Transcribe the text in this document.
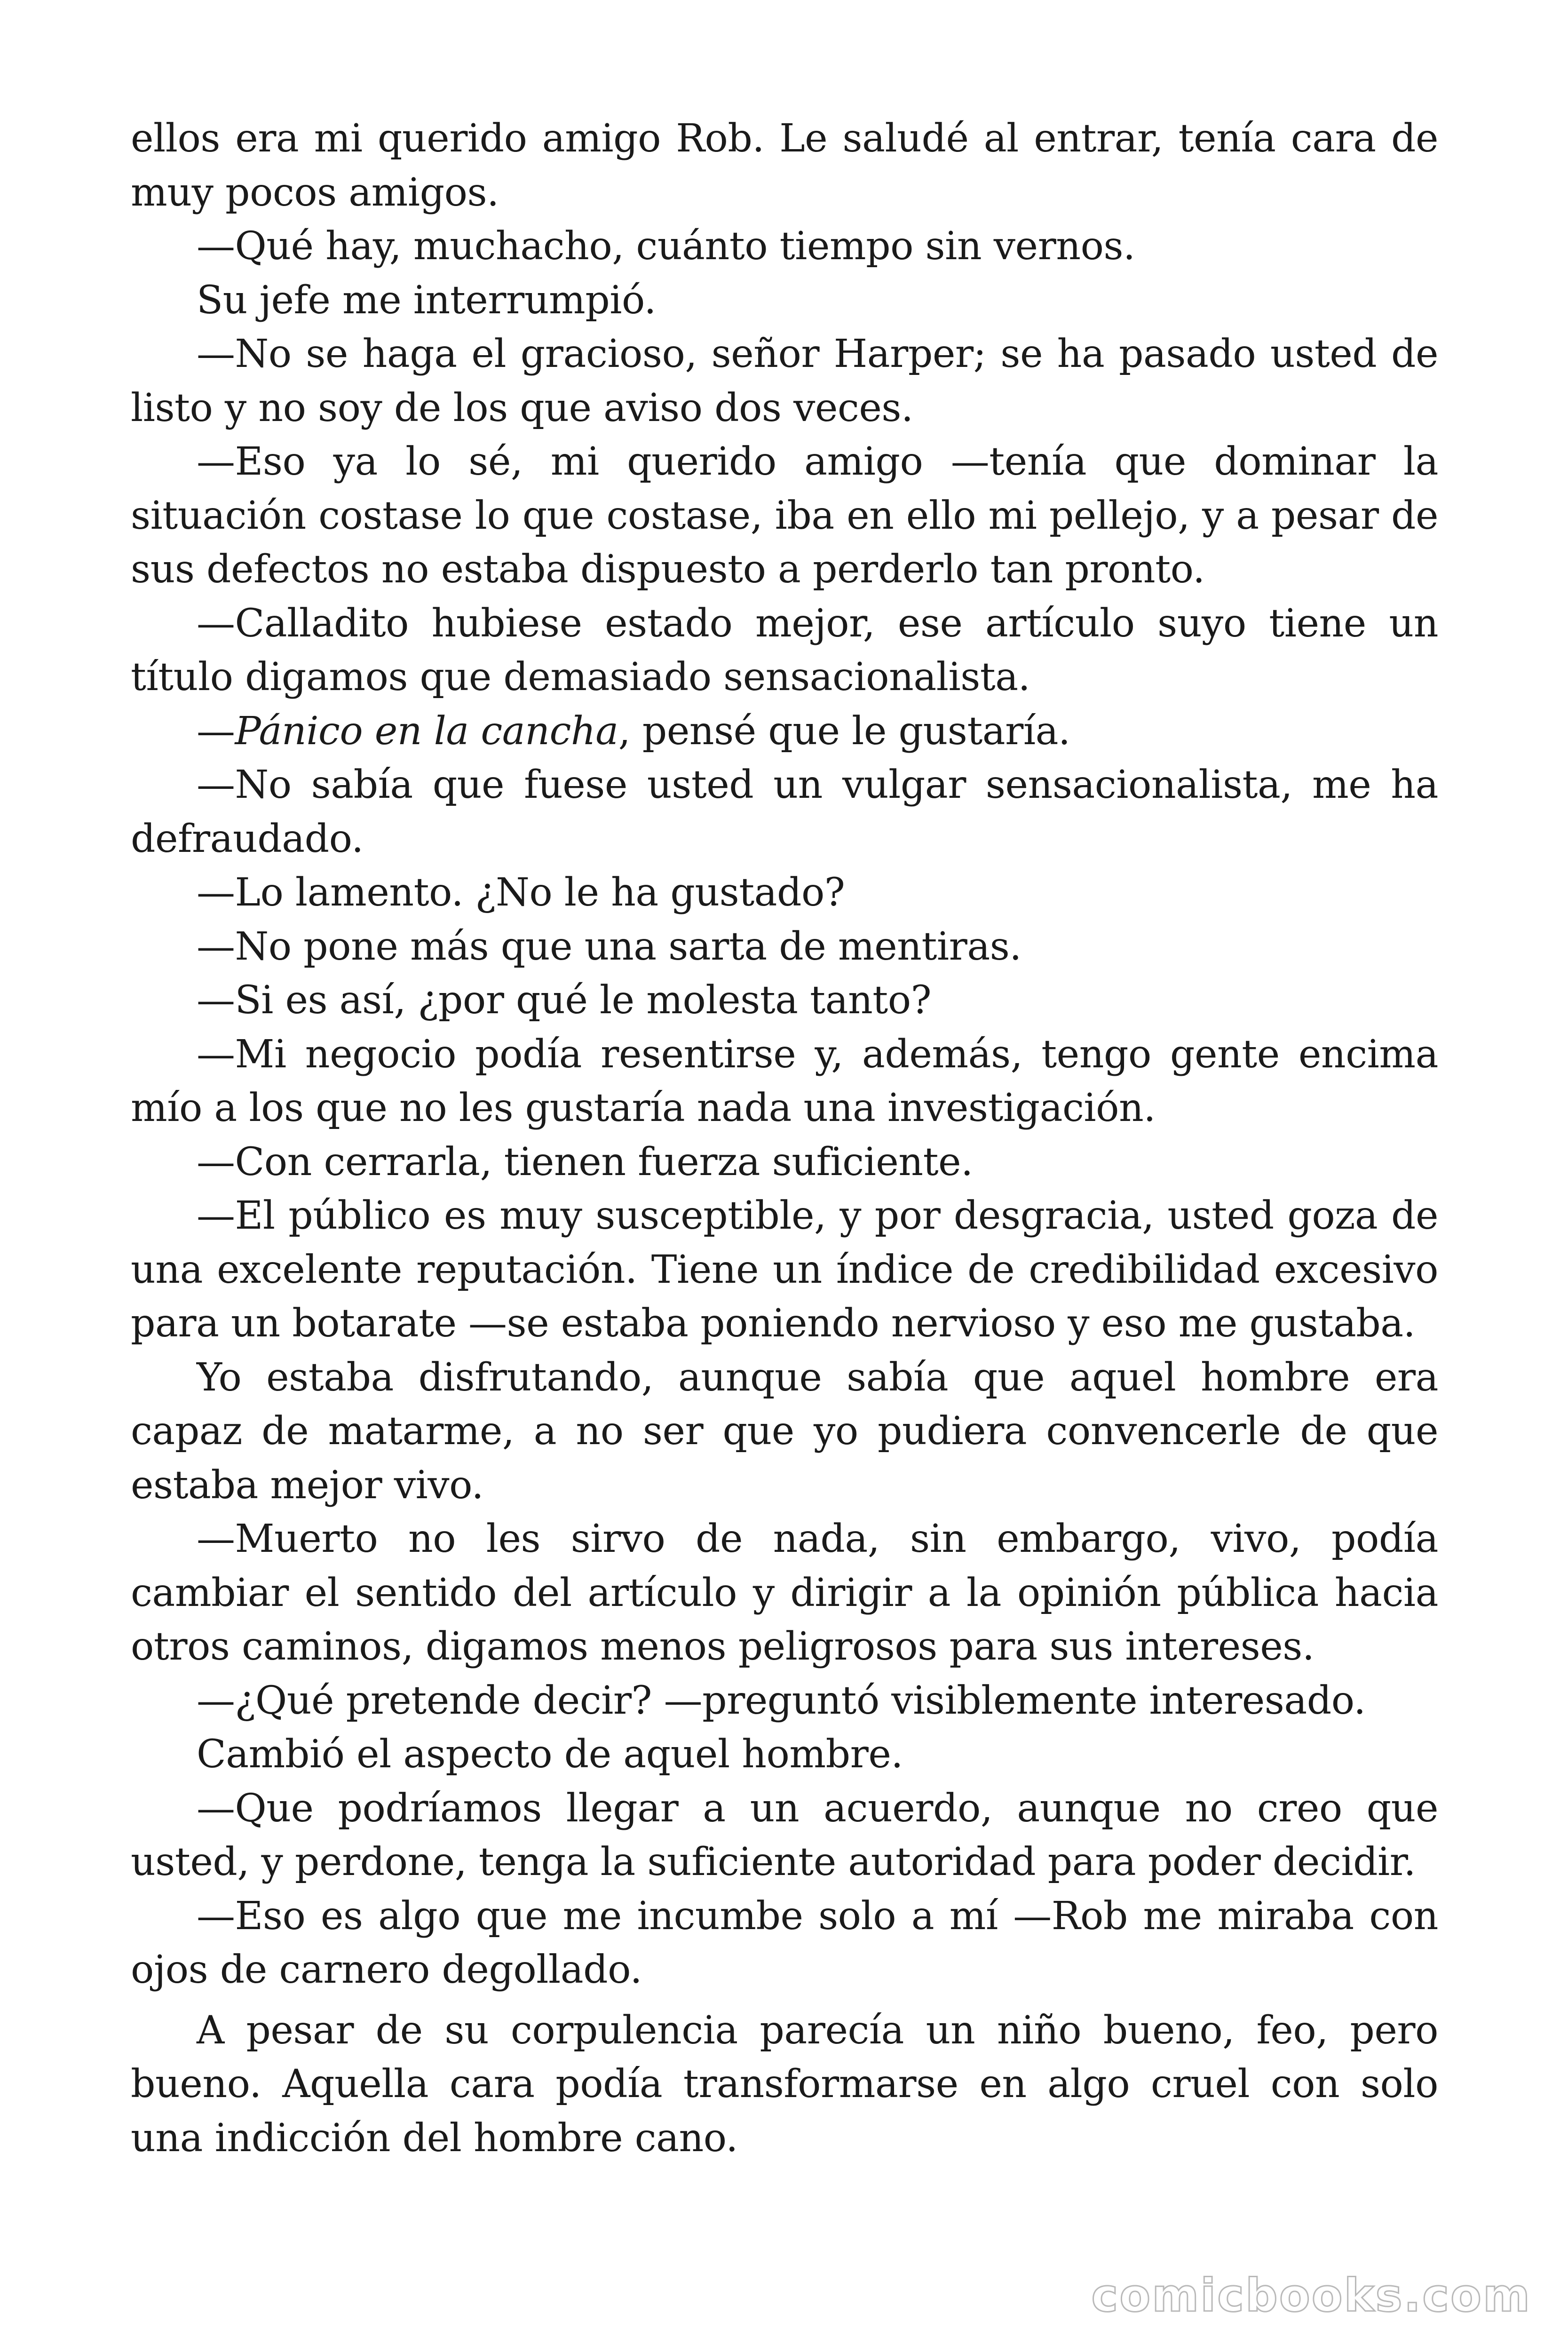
ellos era mi querido amigo Rob. Le saludé al entrar, tenía cara de muy pocos amigos.

—Qué hay, muchacho, cuánto tiempo sin vernos.

Su jefe me interrumpió.

—No se haga el gracioso, señor Harper; se ha pasado usted de listo y no soy de los que aviso dos veces.

—Eso ya lo sé, mi querido amigo —tenía que dominar la situación costase lo que costase, iba en ello mi pellejo, y a pesar de sus defectos no estaba dispuesto a perderlo tan pronto.

—Calladito hubiese estado mejor, ese artículo suyo tiene un título digamos que demasiado sensacionalista.

—Pánico en la cancha, pensé que le gustaría.

—No sabía que fuese usted un vulgar sensacionalista, me ha defraudado.

—Lo lamento. ¿No le ha gustado?

—No pone más que una sarta de mentiras.

—Si es así, ¿por qué le molesta tanto?

—Mi negocio podía resentirse y, además, tengo gente encima mío a los que no les gustaría nada una investigación.

—Con cerrarla, tienen fuerza suficiente.

—El público es muy susceptible, y por desgracia, usted goza de una excelente reputación. Tiene un índice de credibilidad excesivo para un botarate —se estaba poniendo nervioso y eso me gustaba.

Yo estaba disfrutando, aunque sabía que aquel hombre era capaz de matarme, a no ser que yo pudiera convencerle de que estaba mejor vivo.

—Muerto no les sirvo de nada, sin embargo, vivo, podía cambiar el sentido del artículo y dirigir a la opinión pública hacia otros caminos, digamos menos peligrosos para sus intereses.

—¿Qué pretende decir? —preguntó visiblemente interesado.

Cambió el aspecto de aquel hombre.

—Que podríamos llegar a un acuerdo, aunque no creo que usted, y perdone, tenga la suficiente autoridad para poder decidir.

—Eso es algo que me incumbe solo a mí —Rob me miraba con ojos de carnero degollado.

A pesar de su corpulencia parecía un niño bueno, feo, pero bueno. Aquella cara podía transformarse en algo cruel con solo una indicción del hombre cano.

comicbooks.com
